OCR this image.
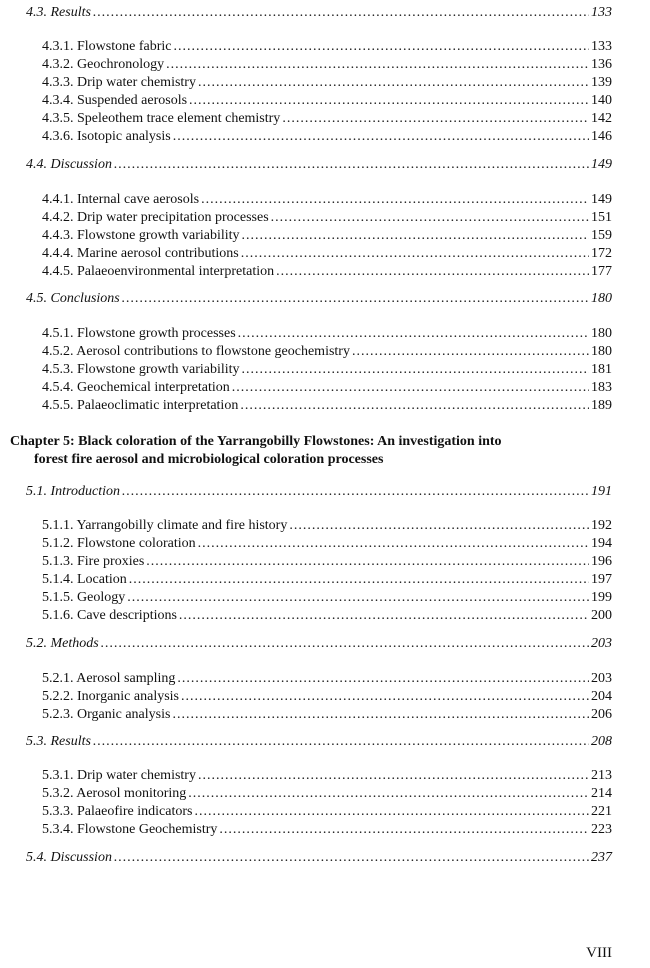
4.3. Results .....	133
4.3.1. Flowstone fabric .....	133
4.3.2. Geochronology .....	136
4.3.3. Drip water chemistry .....	139
4.3.4. Suspended aerosols .....	140
4.3.5. Speleothem trace element chemistry .....	142
4.3.6. Isotopic analysis .....	146
4.4. Discussion .....	149
4.4.1. Internal cave aerosols .....	149
4.4.2. Drip water precipitation processes .....	151
4.4.3. Flowstone growth variability .....	159
4.4.4. Marine aerosol contributions .....	172
4.4.5. Palaeoenvironmental interpretation .....	177
4.5. Conclusions .....	180
4.5.1. Flowstone growth processes .....	180
4.5.2. Aerosol contributions to flowstone geochemistry .....	180
4.5.3. Flowstone growth variability .....	181
4.5.4. Geochemical interpretation .....	183
4.5.5. Palaeoclimatic interpretation .....	189
Chapter 5: Black coloration of the Yarrangobilly Flowstones: An investigation into
forest fire aerosol and microbiological coloration processes
5.1. Introduction .....	191
5.1.1. Yarrangobilly climate and fire history .....	192
5.1.2. Flowstone coloration .....	194
5.1.3. Fire proxies .....	196
5.1.4. Location .....	197
5.1.5. Geology .....	199
5.1.6. Cave descriptions .....	200
5.2. Methods .....	203
5.2.1. Aerosol sampling .....	203
5.2.2. Inorganic analysis .....	204
5.2.3. Organic analysis .....	206
5.3. Results .....	208
5.3.1. Drip water chemistry .....	213
5.3.2. Aerosol monitoring .....	214
5.3.3. Palaeofire indicators .....	221
5.3.4. Flowstone Geochemistry .....	223
5.4. Discussion .....	237
VIII
